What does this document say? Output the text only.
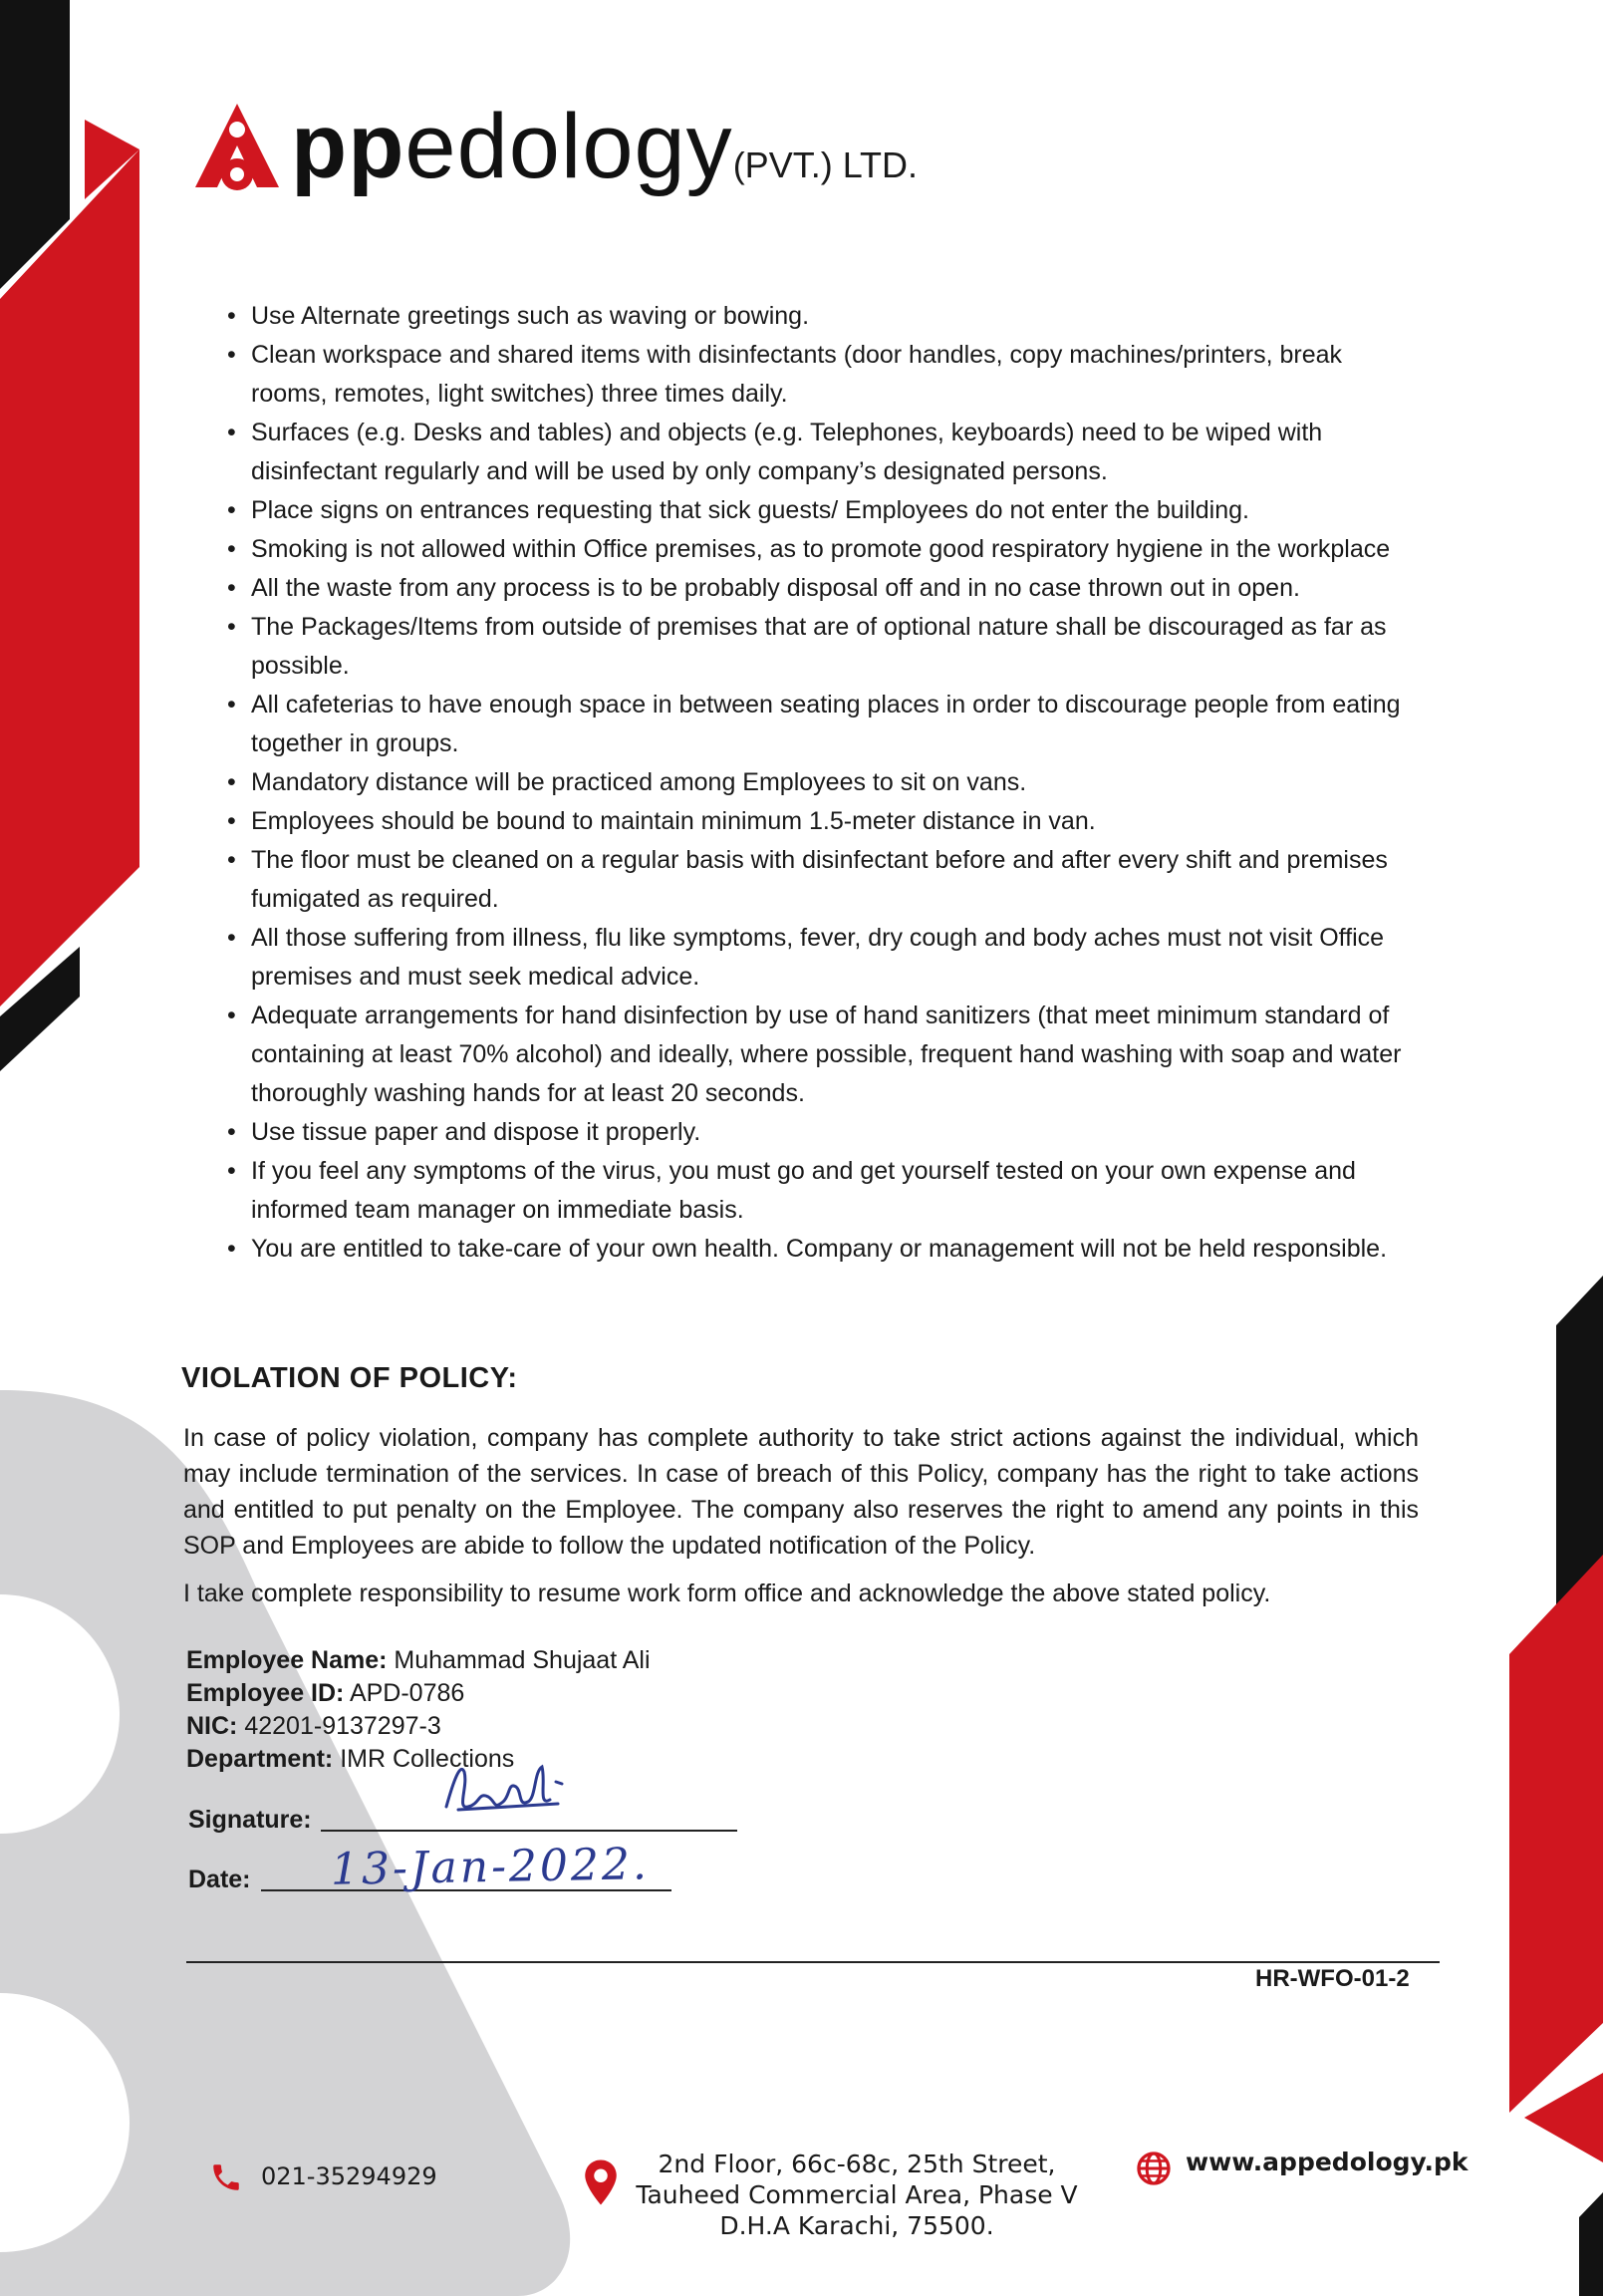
ppedology(PVT.) LTD.
• Use Alternate greetings such as waving or bowing.
• Clean workspace and shared items with disinfectants (door handles, copy machines/printers, break rooms, remotes, light switches) three times daily.
• Surfaces (e.g. Desks and tables) and objects (e.g. Telephones, keyboards) need to be wiped with disinfectant regularly and will be used by only company’s designated persons.
• Place signs on entrances requesting that sick guests/ Employees do not enter the building.
• Smoking is not allowed within Office premises, as to promote good respiratory hygiene in the workplace
• All the waste from any process is to be probably disposal off and in no case thrown out in open.
• The Packages/Items from outside of premises that are of optional nature shall be discouraged as far as possible.
• All cafeterias to have enough space in between seating places in order to discourage people from eating together in groups.
• Mandatory distance will be practiced among Employees to sit on vans.
• Employees should be bound to maintain minimum 1.5-meter distance in van.
• The floor must be cleaned on a regular basis with disinfectant before and after every shift and premises fumigated as required.
• All those suffering from illness, flu like symptoms, fever, dry cough and body aches must not visit Office premises and must seek medical advice.
• Adequate arrangements for hand disinfection by use of hand sanitizers (that meet minimum standard of containing at least 70% alcohol) and ideally, where possible, frequent hand washing with soap and water thoroughly washing hands for at least 20 seconds.
• Use tissue paper and dispose it properly.
• If you feel any symptoms of the virus, you must go and get yourself tested on your own expense and informed team manager on immediate basis.
• You are entitled to take-care of your own health. Company or management will not be held responsible.
VIOLATION OF POLICY:

In case of policy violation, company has complete authority to take strict actions against the individual, which may include termination of the services. In case of breach of this Policy, company has the right to take actions and entitled to put penalty on the Employee. The company also reserves the right to amend any points in this SOP and Employees are abide to follow the updated notification of the Policy.

I take complete responsibility to resume work form office and acknowledge the above stated policy.

Employee Name: Muhammad Shujaat Ali
Employee ID: APD-0786
NIC: 42201-9137297-3
Department: IMR Collections
Signature:
Date: 13-Jan-2022.
HR-WFO-01-2
021-35294929	2nd Floor, 66c-68c, 25th Street,
Tauheed Commercial Area, Phase V
D.H.A Karachi, 75500.
www.appedology.pk
